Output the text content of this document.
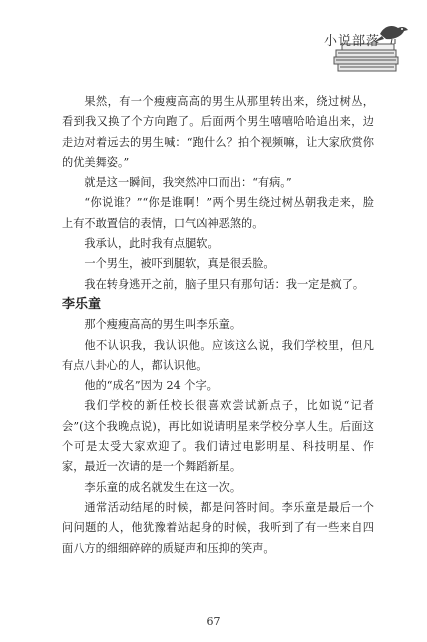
小说部落

果然，有一个瘦瘦高高的男生从那里转出来，绕过树丛，看到我又换了个方向跑了。后面两个男生嘻嘻哈哈追出来，边走边对着远去的男生喊：“跑什么？拍个视频嘛，让大家欣赏你的优美舞姿。”

就是这一瞬间，我突然冲口而出：“有病。”

“你说谁？”“你是谁啊！”两个男生绕过树丛朝我走来，脸上有不敢置信的表情，口气凶神恶煞的。

我承认，此时我有点腿软。

一个男生，被吓到腿软，真是很丢脸。

我在转身逃开之前，脑子里只有那句话：我一定是疯了。

李乐童

那个瘦瘦高高的男生叫李乐童。

他不认识我，我认识他。应该这么说，我们学校里，但凡有点八卦心的人，都认识他。

他的“成名”因为 24 个字。

我们学校的新任校长很喜欢尝试新点子，比如说“记者会”(这个我晚点说)，再比如说请明星来学校分享人生。后面这个可是太受大家欢迎了。我们请过电影明星、科技明星、作家，最近一次请的是一个舞蹈新星。

李乐童的成名就发生在这一次。

通常活动结尾的时候，都是问答时间。李乐童是最后一个问问题的人，他犹豫着站起身的时候，我听到了有一些来自四面八方的细细碎碎的质疑声和压抑的笑声。

67
